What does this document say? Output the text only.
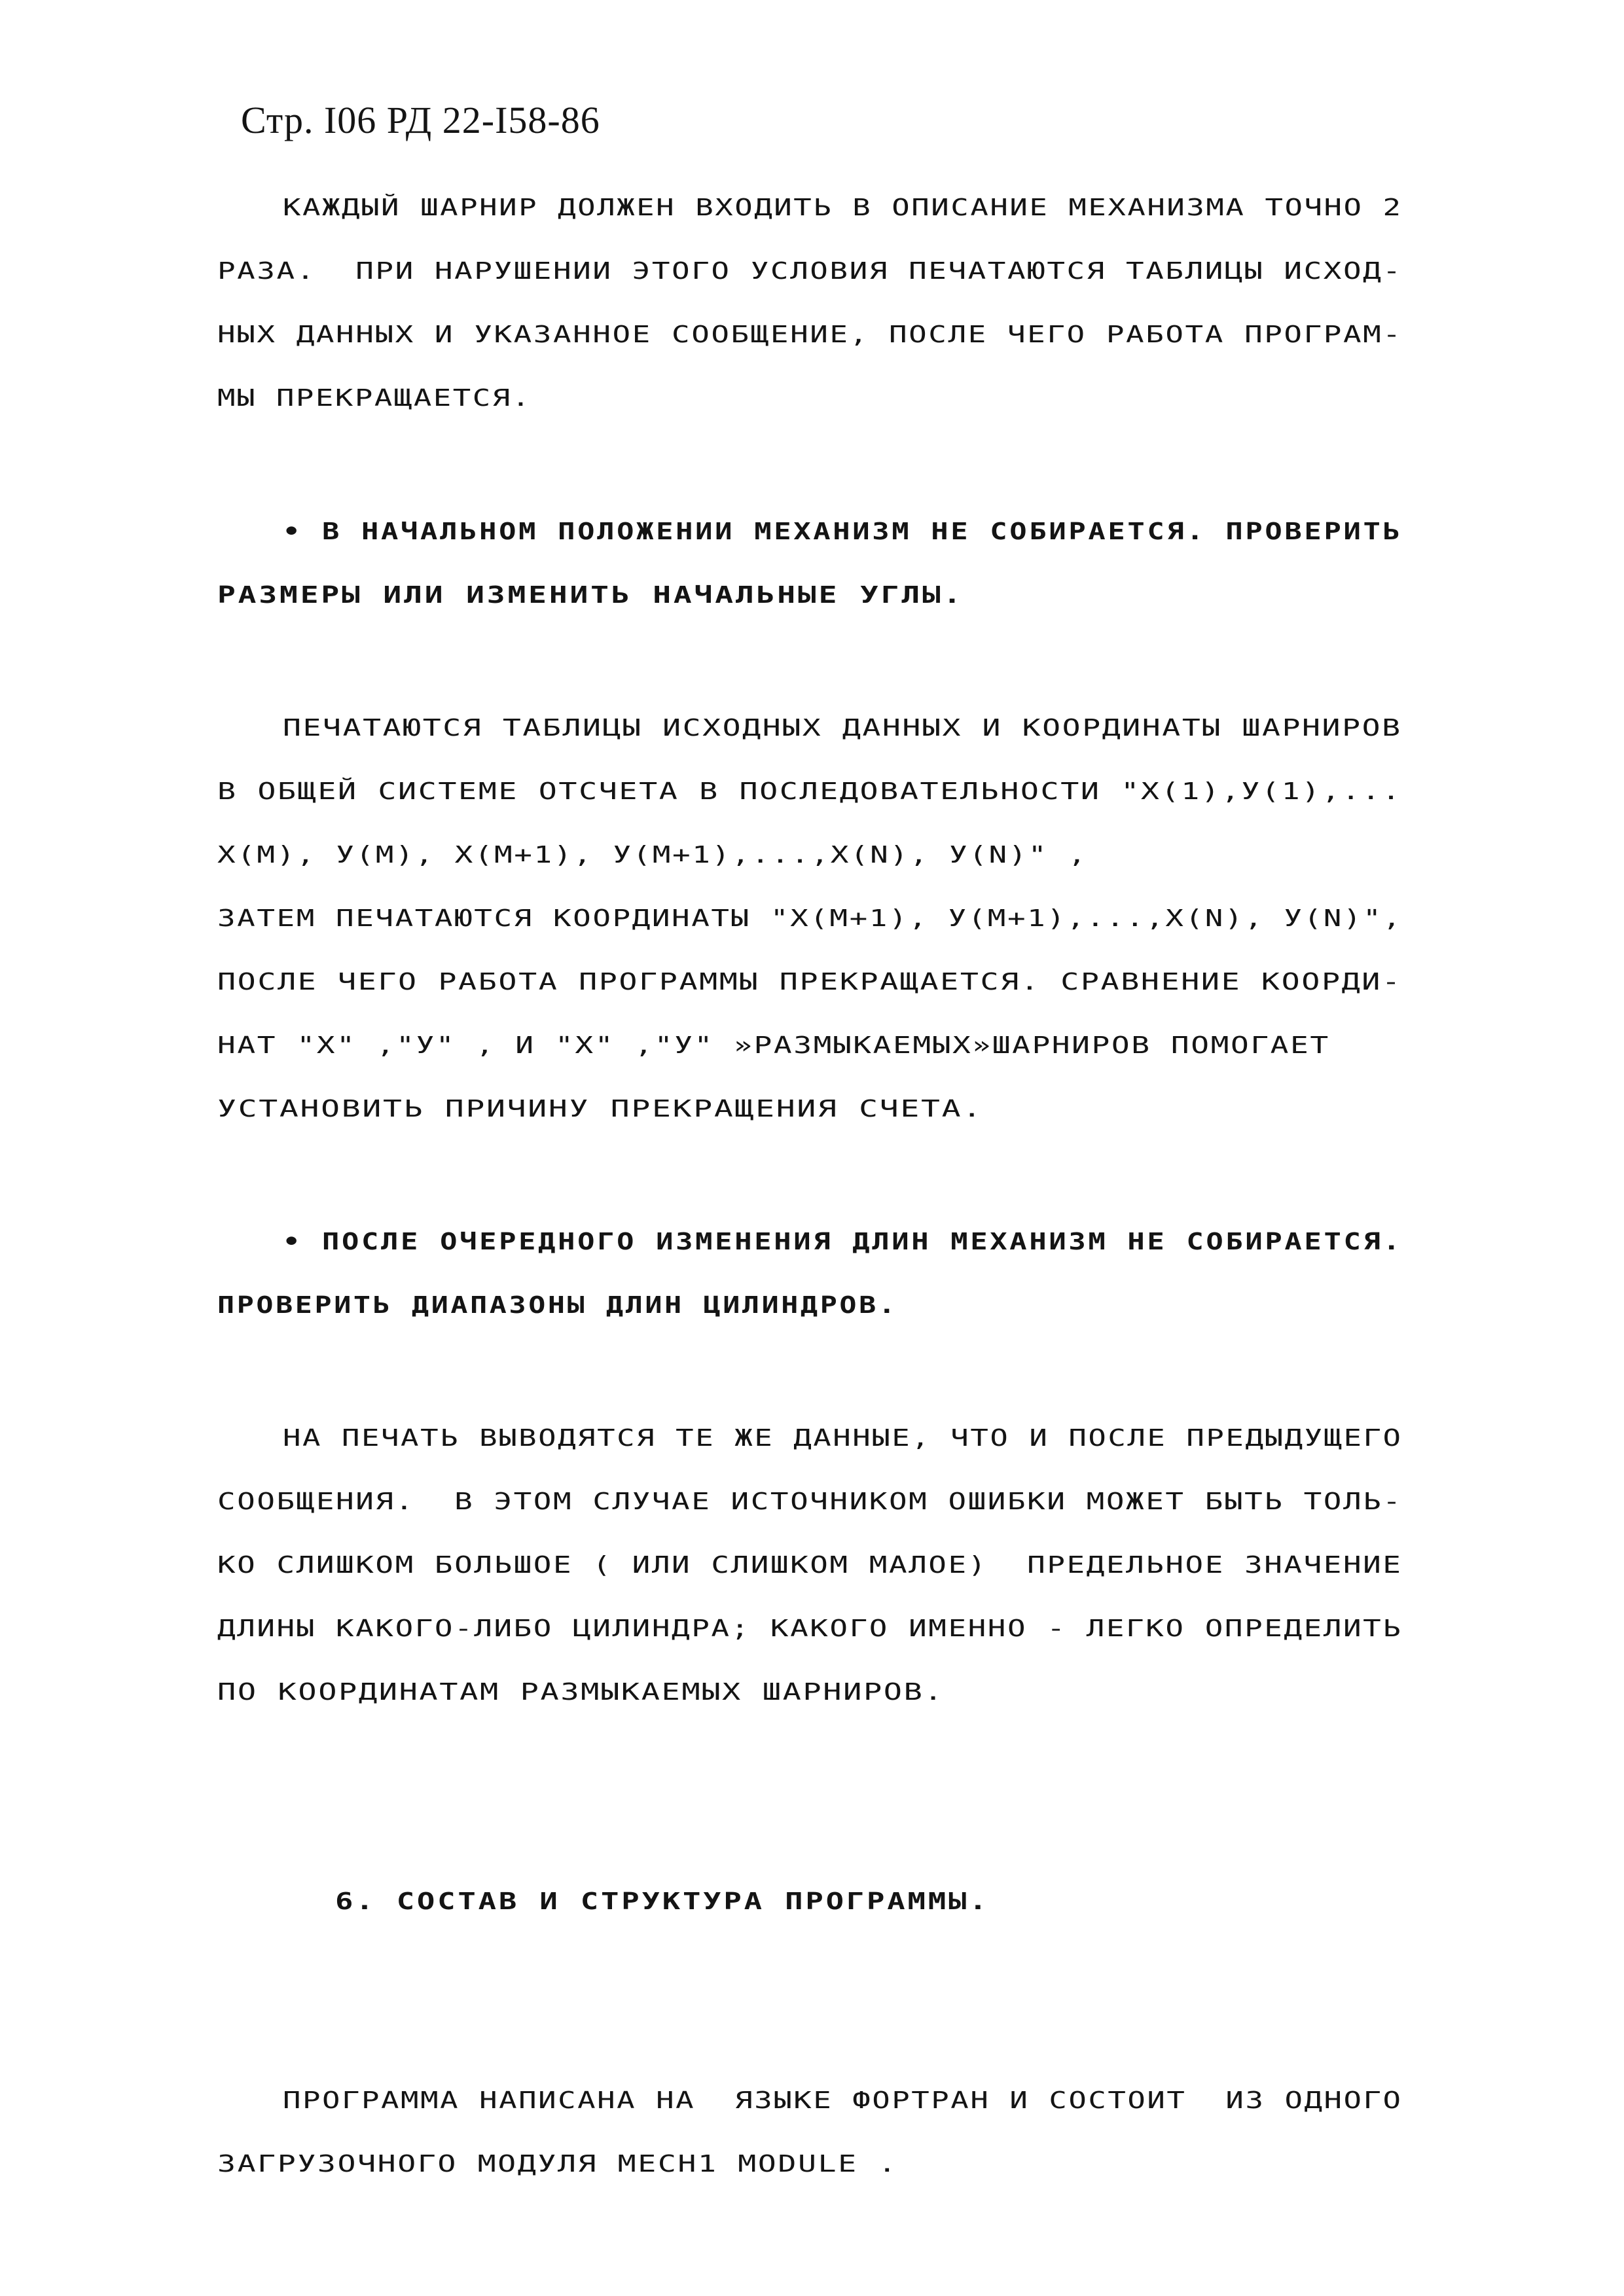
Стр. I06 РД 22-I58-86
КАЖДЫЙ ШАРНИР ДОЛЖЕН ВХОДИТЬ В ОПИСАНИЕ МЕХАНИЗМА ТОЧНО 2
РАЗА.  ПРИ НАРУШЕНИИ ЭТОГО УСЛОВИЯ ПЕЧАТАЮТСЯ ТАБЛИЦЫ ИСХОД-
НЫХ ДАННЫХ И УКАЗАННОЕ СООБЩЕНИЕ, ПОСЛЕ ЧЕГО РАБОТА ПРОГРАМ-
МЫ ПРЕКРАЩАЕТСЯ.
• В НАЧАЛЬНОМ ПОЛОЖЕНИИ МЕХАНИЗМ НЕ СОБИРАЕТСЯ. ПРОВЕРИТЬ
РАЗМЕРЫ ИЛИ ИЗМЕНИТЬ НАЧАЛЬНЫЕ УГЛЫ.
ПЕЧАТАЮТСЯ ТАБЛИЦЫ ИСХОДНЫХ ДАННЫХ И КООРДИНАТЫ ШАРНИРОВ
В ОБЩЕЙ СИСТЕМЕ ОТСЧЕТА В ПОСЛЕДОВАТЕЛЬНОСТИ "Х(1),У(1),...
Х(М), У(М), Х(М+1), У(М+1),...,Х(N), У(N)" ,
ЗАТЕМ ПЕЧАТАЮТСЯ КООРДИНАТЫ "Х(М+1), У(М+1),...,Х(N), У(N)",
ПОСЛЕ ЧЕГО РАБОТА ПРОГРАММЫ ПРЕКРАЩАЕТСЯ. СРАВНЕНИЕ КООРДИ-
НАТ "Х" ,"У" , И "Х" ,"У" »РАЗМЫКАЕМЫХ»ШАРНИРОВ ПОМОГАЕТ
УСТАНОВИТЬ ПРИЧИНУ ПРЕКРАЩЕНИЯ СЧЕТА.
• ПОСЛЕ ОЧЕРЕДНОГО ИЗМЕНЕНИЯ ДЛИН МЕХАНИЗМ НЕ СОБИРАЕТСЯ.
ПРОВЕРИТЬ ДИАПАЗОНЫ ДЛИН ЦИЛИНДРОВ.
НА ПЕЧАТЬ ВЫВОДЯТСЯ ТЕ ЖЕ ДАННЫЕ, ЧТО И ПОСЛЕ ПРЕДЫДУЩЕГО
СООБЩЕНИЯ.  В ЭТОМ СЛУЧАЕ ИСТОЧНИКОМ ОШИБКИ МОЖЕТ БЫТЬ ТОЛЬ-
КО СЛИШКОМ БОЛЬШОЕ ( ИЛИ СЛИШКОМ МАЛОЕ)  ПРЕДЕЛЬНОЕ ЗНАЧЕНИЕ
ДЛИНЫ КАКОГО-ЛИБО ЦИЛИНДРА; КАКОГО ИМЕННО - ЛЕГКО ОПРЕДЕЛИТЬ
ПО КООРДИНАТАМ РАЗМЫКАЕМЫХ ШАРНИРОВ.
6. СОСТАВ И СТРУКТУРА ПРОГРАММЫ.
ПРОГРАММА НАПИСАНА НА  ЯЗЫКЕ ФОРТРАН И СОСТОИТ  ИЗ ОДНОГО
ЗАГРУЗОЧНОГО МОДУЛЯ МЕСН1 MODULE .
